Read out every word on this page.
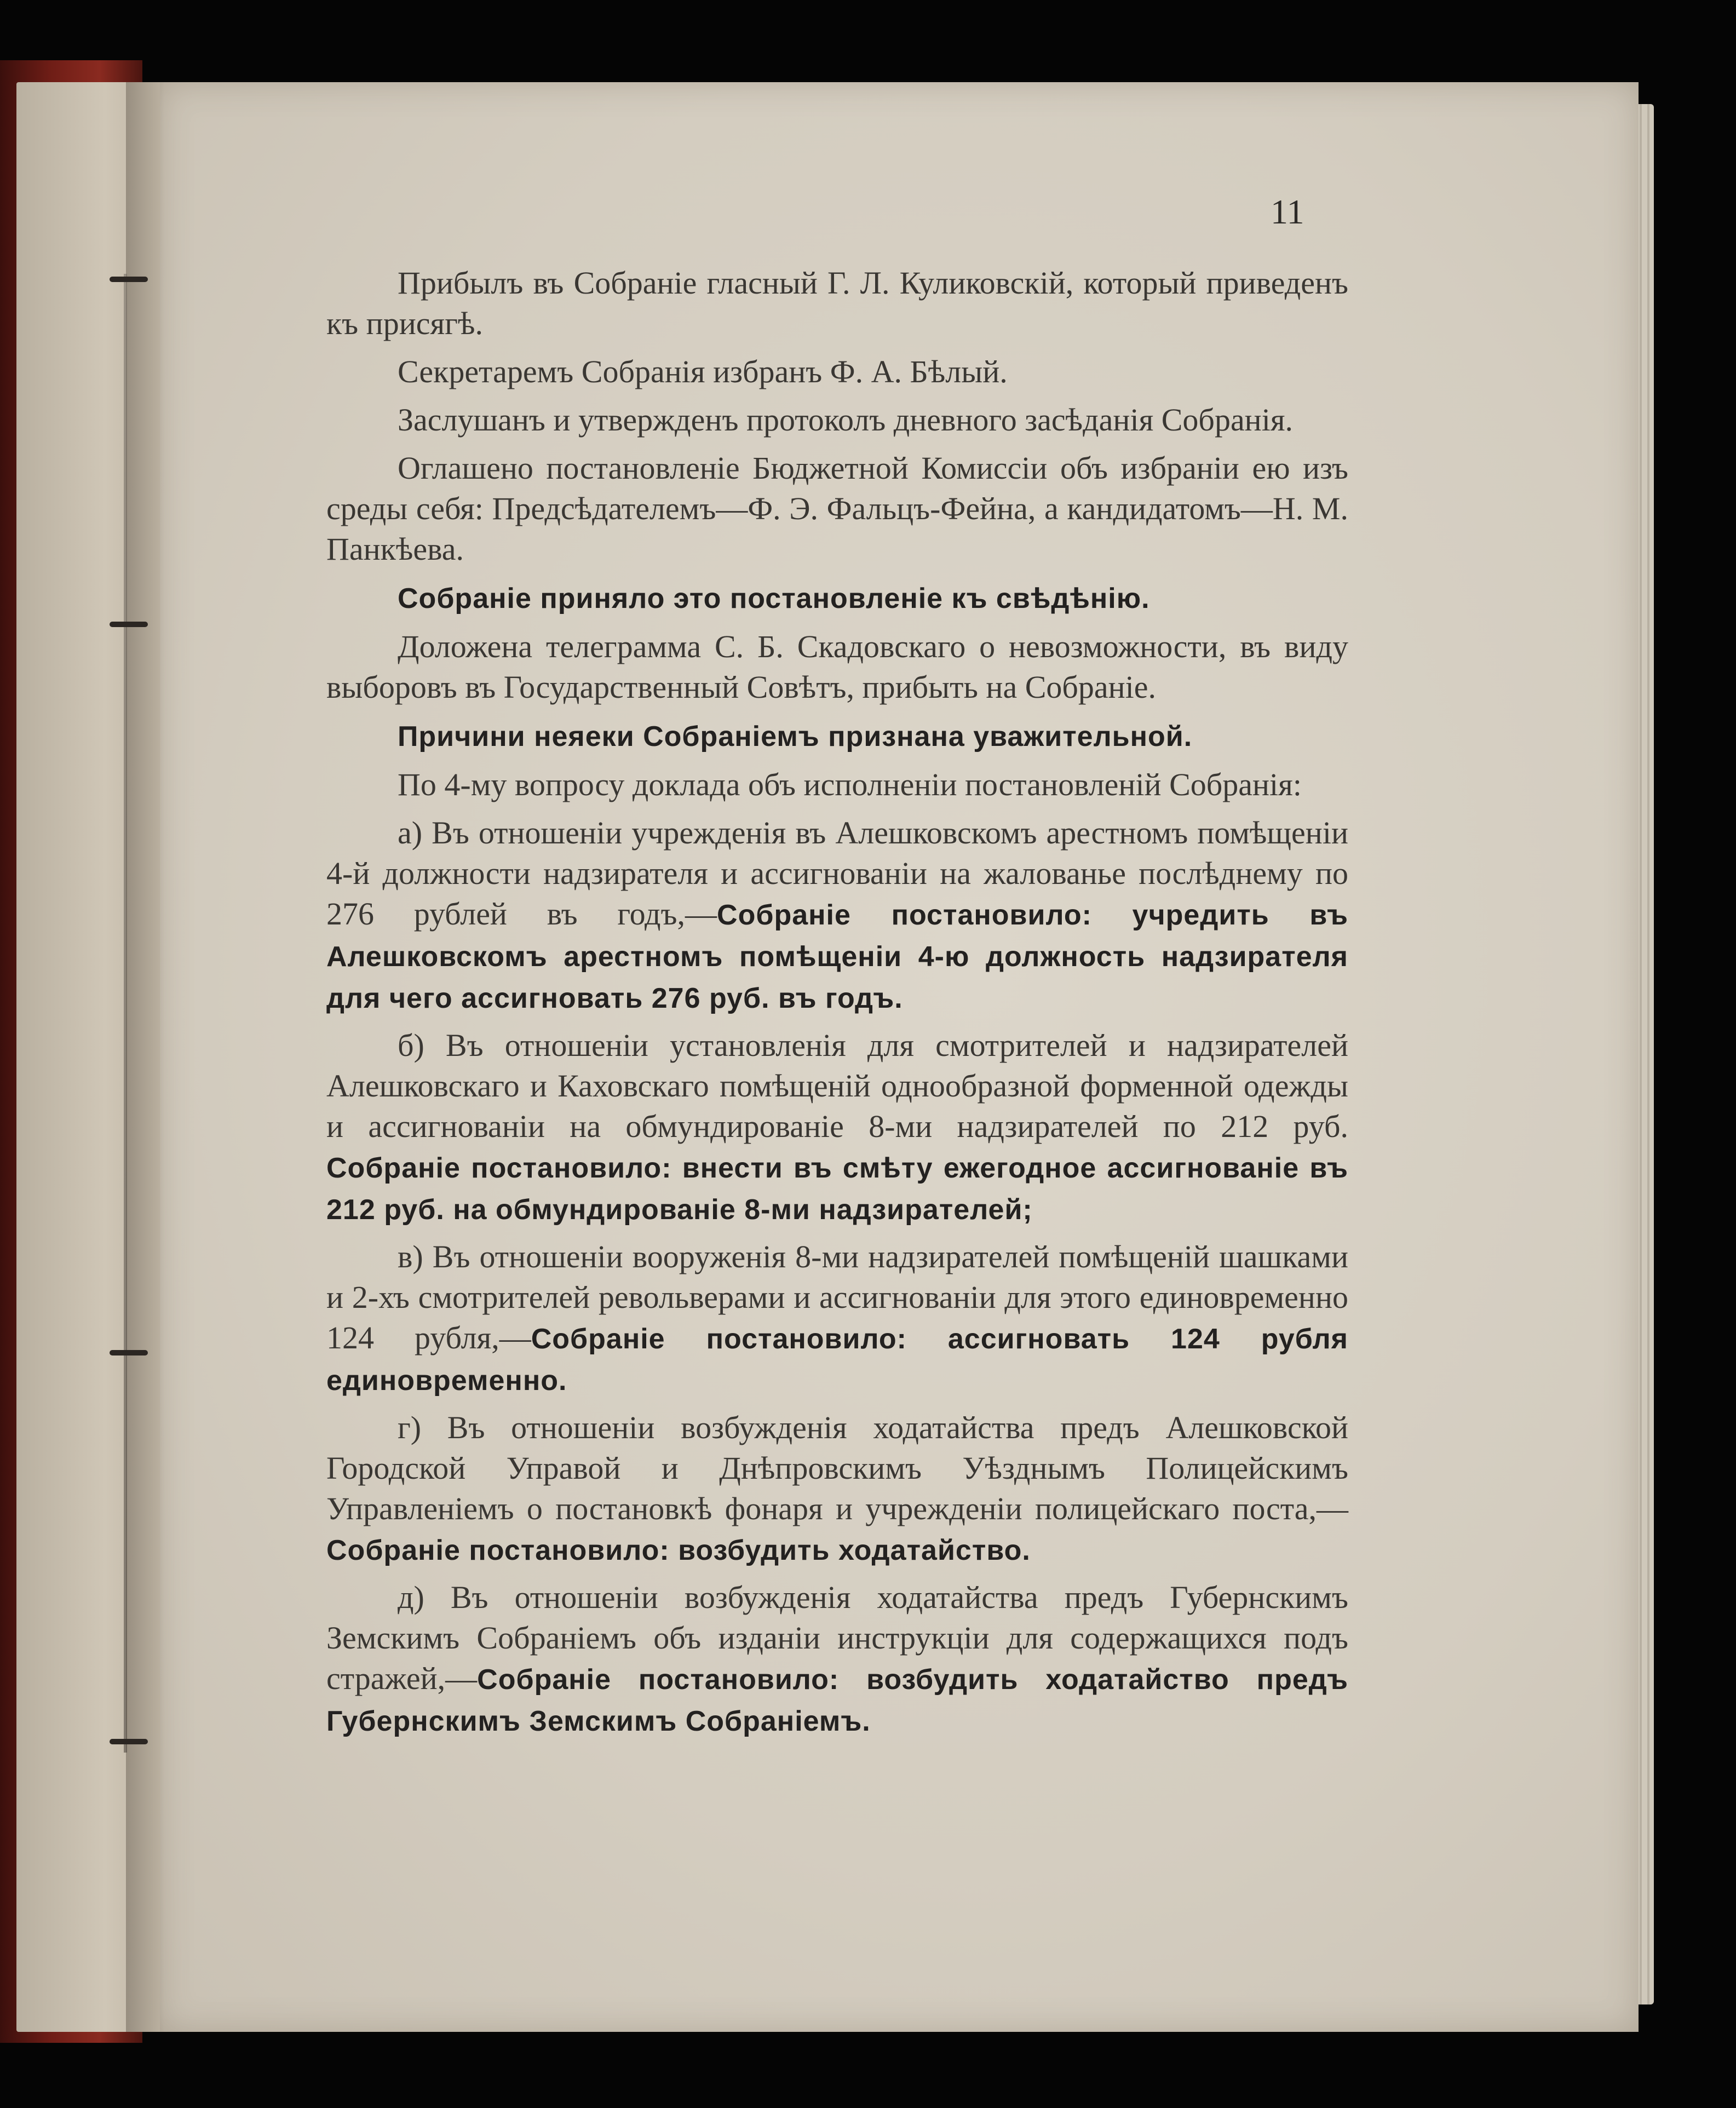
11

Прибылъ въ Собраніе гласный Г. Л. Куликовскій, который приведенъ къ присягѣ.

Секретаремъ Собранія избранъ Ф. А. Бѣлый.

Заслушанъ и утвержденъ протоколъ дневного засѣданія Собранія.

Оглашено постановленіе Бюджетной Комиссіи объ избраніи ею изъ среды себя: Предсѣдателемъ—Ф. Э. Фальцъ-Фейна, а кандидатомъ—Н. М. Панкѣева.

Собраніе приняло это постановленіе къ свѣдѣнію.

Доложена телеграмма С. Б. Скадовскаго о невозможности, въ виду выборовъ въ Государственный Совѣтъ, прибыть на Собраніе.

Причини неяеки Собраніемъ признана уважительной.

По 4-му вопросу доклада объ исполненіи постановленій Собранія:

а) Въ отношеніи учрежденія въ Алешковскомъ арестномъ помѣщеніи 4-й должности надзирателя и ассигнованіи на жалованье послѣднему по 276 рублей въ годъ,—Собраніе постановило: учредить въ Алешковскомъ арестномъ помѣщеніи 4-ю должность надзирателя для чего ассигновать 276 руб. въ годъ.

б) Въ отношеніи установленія для смотрителей и надзирателей Алешковскаго и Каховскаго помѣщеній однообразной форменной одежды и ассигнованіи на обмундированіе 8-ми надзирателей по 212 руб. Собраніе постановило: внести въ смѣту ежегодное ассигнованіе въ 212 руб. на обмундированіе 8-ми надзирателей;

в) Въ отношеніи вооруженія 8-ми надзирателей помѣщеній шашками и 2-хъ смотрителей револьверами и ассигнованіи для этого единовременно 124 рубля,—Собраніе постановило: ассигновать 124 рубля единовременно.

г) Въ отношеніи возбужденія ходатайства предъ Алешковской Городской Управой и Днѣпровскимъ Уѣзднымъ Полицейскимъ Управленіемъ о постановкѣ фонаря и учрежденіи полицейскаго поста,—Собраніе постановило: возбудить ходатайство.

д) Въ отношеніи возбужденія ходатайства предъ Губернскимъ Земскимъ Собраніемъ объ изданіи инструкціи для содержащихся подъ стражей,—Собраніе постановило: возбудить ходатайство предъ Губернскимъ Земскимъ Собраніемъ.
